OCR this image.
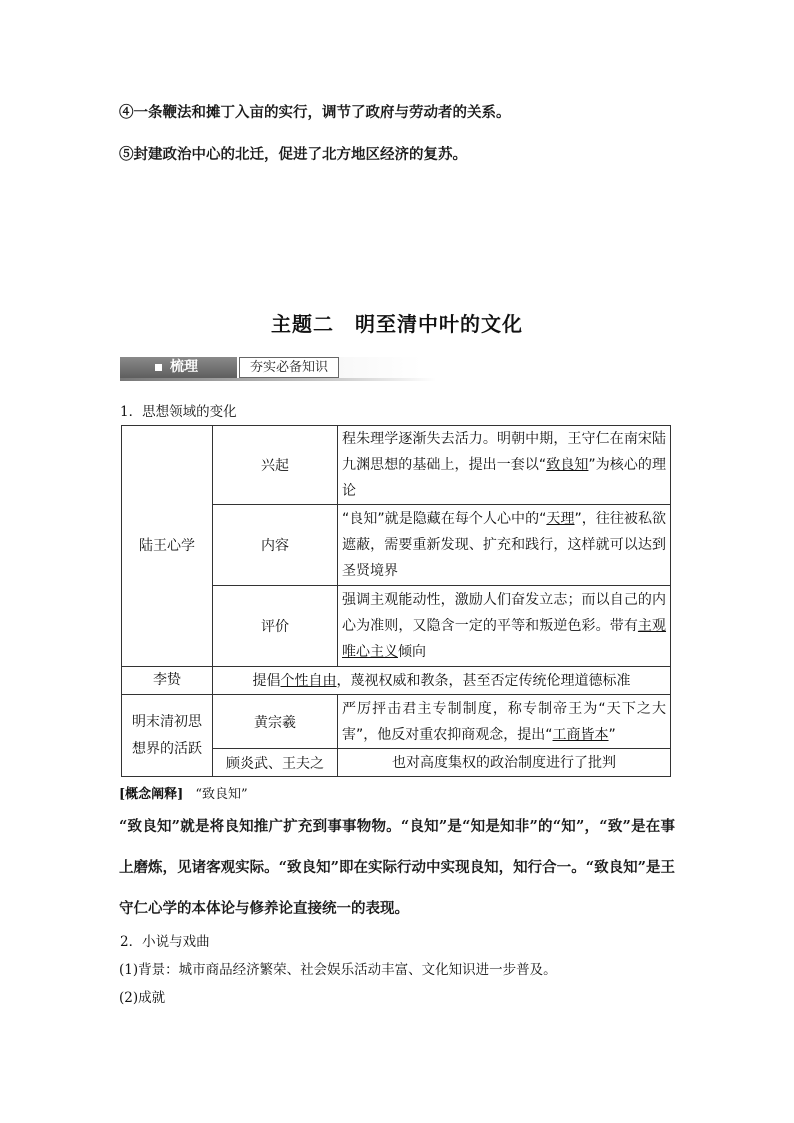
④一条鞭法和摊丁入亩的实行，调节了政府与劳动者的关系。
⑤封建政治中心的北迁，促进了北方地区经济的复苏。
主题二　明至清中叶的文化
梳理	夯实必备知识
1．思想领域的变化
陆王心学	兴起	程朱理学逐渐失去活力。明朝中期，王守仁在南宋陆九渊思想的基础上，提出一套以“致良知”为核心的理论
	内容	“良知”就是隐藏在每个人心中的“天理”，往往被私欲遮蔽，需要重新发现、扩充和践行，这样就可以达到圣贤境界
	评价	强调主观能动性，激励人们奋发立志；而以自己的内心为准则，又隐含一定的平等和叛逆色彩。带有主观唯心主义倾向
李贽	提倡个性自由，蔑视权威和教条，甚至否定传统伦理道德标准	
明末清初思想界的活跃	黄宗羲	严厉抨击君主专制制度，称专制帝王为“天下之大害”，他反对重农抑商观念，提出“工商皆本”
	顾炎武、王夫之	也对高度集权的政治制度进行了批判
[概念阐释] “致良知”
“致良知”就是将良知推广扩充到事事物物。“良知”是“知是知非”的“知”，“致”是在事上磨炼，见诸客观实际。“致良知”即在实际行动中实现良知，知行合一。“致良知”是王守仁心学的本体论与修养论直接统一的表现。
2．小说与戏曲
(1)背景：城市商品经济繁荣、社会娱乐活动丰富、文化知识进一步普及。
(2)成就
